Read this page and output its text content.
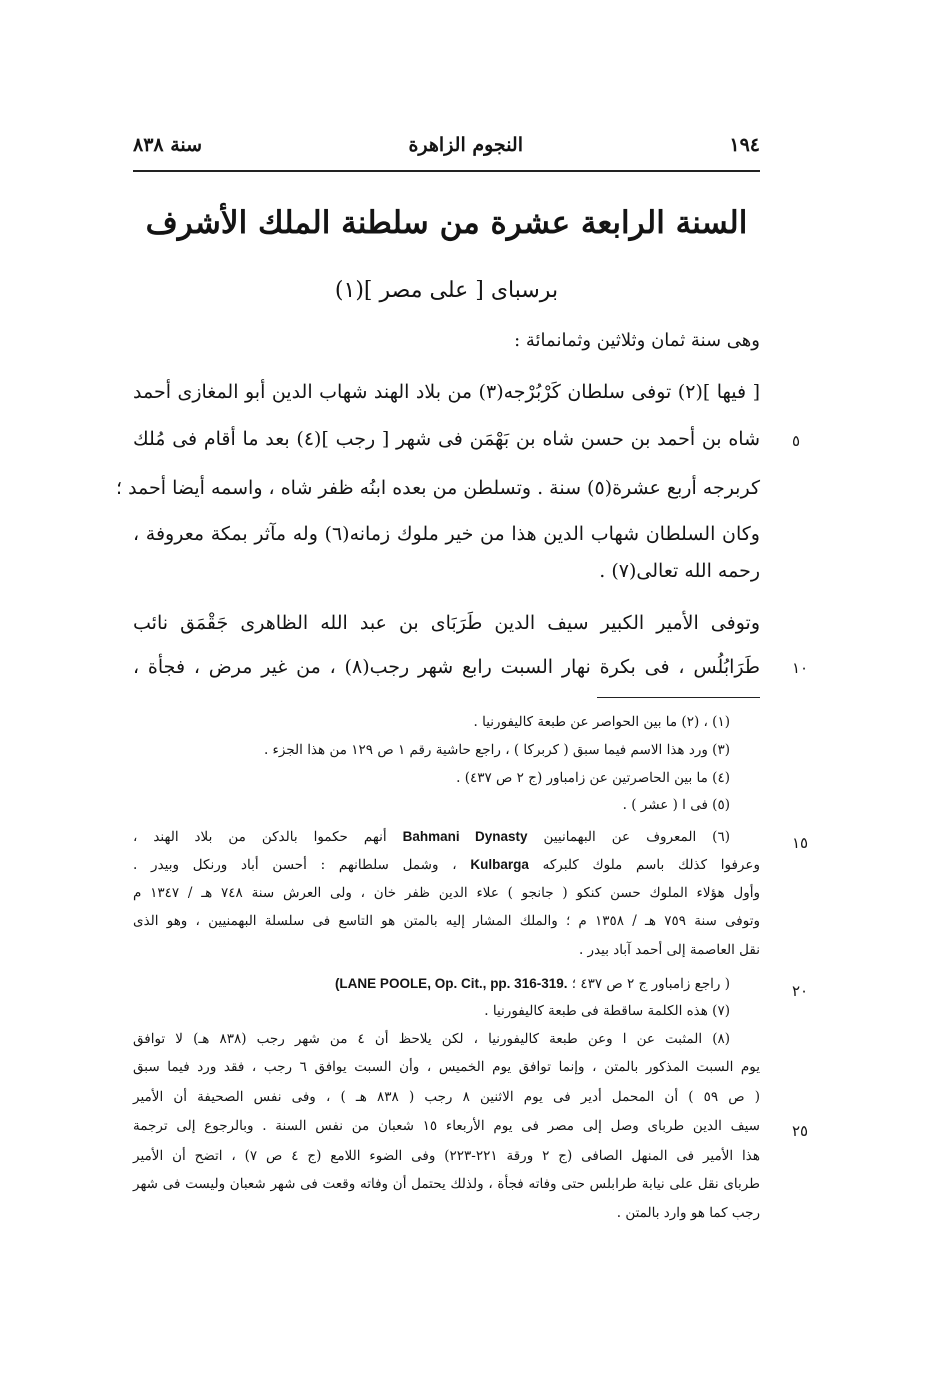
١٩٤
النجوم الزاهرة
سنة ٨٣٨
السنة الرابعة عشرة من سلطنة الملك الأشرف

برسباى [ على مصر ](١)

وهى سنة ثمان وثلاثين وثمانمائة :

[ فيها ](٢) توفى سلطان كَرْبُرْجه(٣) من بلاد الهند شهاب الدين أبو المغازى أحمد

شاه بن أحمد بن حسن شاه بن بَهْمَن فى شهر [ رجب ](٤) بعد ما أقام فى مُلك

كربرجه أربع عشرة(٥) سنة . وتسلطن من بعده ابنُه ظفر شاه ، واسمه أيضا أحمد ؛

وكان السلطان شهاب الدين هذا من خير ملوك زمانه(٦) وله مآثر بمكة معروفة ،

رحمه الله تعالى(٧) .

وتوفى الأمير الكبير سيف الدين طَرَبَاى بن عبد الله الظاهرى جَقْمَق نائب

طَرَابُلُس ، فى بكرة نهار السبت رابع شهر رجب(٨) ، من غير مرض ، فجأة ،

٥
١٠
١٥
٢٠
٢٥

(١) ، (٢) ما بين الحواصر عن طبعة كاليفورنيا .

(٣) ورد هذا الاسم فيما سبق ( كربركا ) ، راجع حاشية رقم ١ ص ١٢٩ من هذا الجزء .

(٤) ما بين الحاصرتين عن زامباور (ج ٢ ص ٤٣٧) .

(٥) فى ا ( عشر ) .

(٦) المعروف عن البهمانيين Bahmani Dynasty أنهم حكموا بالدكن من بلاد الهند ،

وعرفوا كذلك باسم ملوك كلبركه Kulbarga ، وشمل سلطانهم : أحسن أباد ورنكل وبيدر .

وأول هؤلاء الملوك حسن كنكو ( جانجو ) علاء الدين ظفر خان ، ولى العرش سنة ٧٤٨ هـ / ١٣٤٧ م

وتوفى سنة ٧٥٩ هـ / ١٣٥٨ م ؛ والملك المشار إليه بالمتن هو التاسع فى سلسلة البهمنيين ، وهو الذى

نقل العاصمة إلى أحمد آباد بيدر .

( راجع زامباور ج ٢ ص ٤٣٧ ؛ (LANE POOLE, Op. Cit., pp. 316-319.

(٧) هذه الكلمة ساقطة فى طبعة كاليفورنيا .

(٨) المثبت عن ا وعن طبعة كاليفورنيا ، لكن يلاحظ أن ٤ من شهر رجب (٨٣٨ هـ) لا توافق

يوم السبت المذكور بالمتن ، وإنما توافق يوم الخميس ، وأن السبت يوافق ٦ رجب ، فقد ورد فيما سبق

( ص ٥٩ ) أن المحمل أدير فى يوم الاثنين ٨ رجب ( ٨٣٨ هـ ) ، وفى نفس الصحيفة أن الأمير

سيف الدين طرباى وصل إلى مصر فى يوم الأربعاء ١٥ شعبان من نفس السنة . وبالرجوع إلى ترجمة

هذا الأمير فى المنهل الصافى (ج ٢ ورقة ٢٢١-٢٢٣) وفى الضوء اللامع (ج ٤ ص ٧) ، اتضح أن الأمير

طرباى نقل على نيابة طرابلس حتى وفاته فجأة ، ولذلك يحتمل أن وفاته وقعت فى شهر شعبان وليست فى شهر

رجب كما هو وارد بالمتن .
